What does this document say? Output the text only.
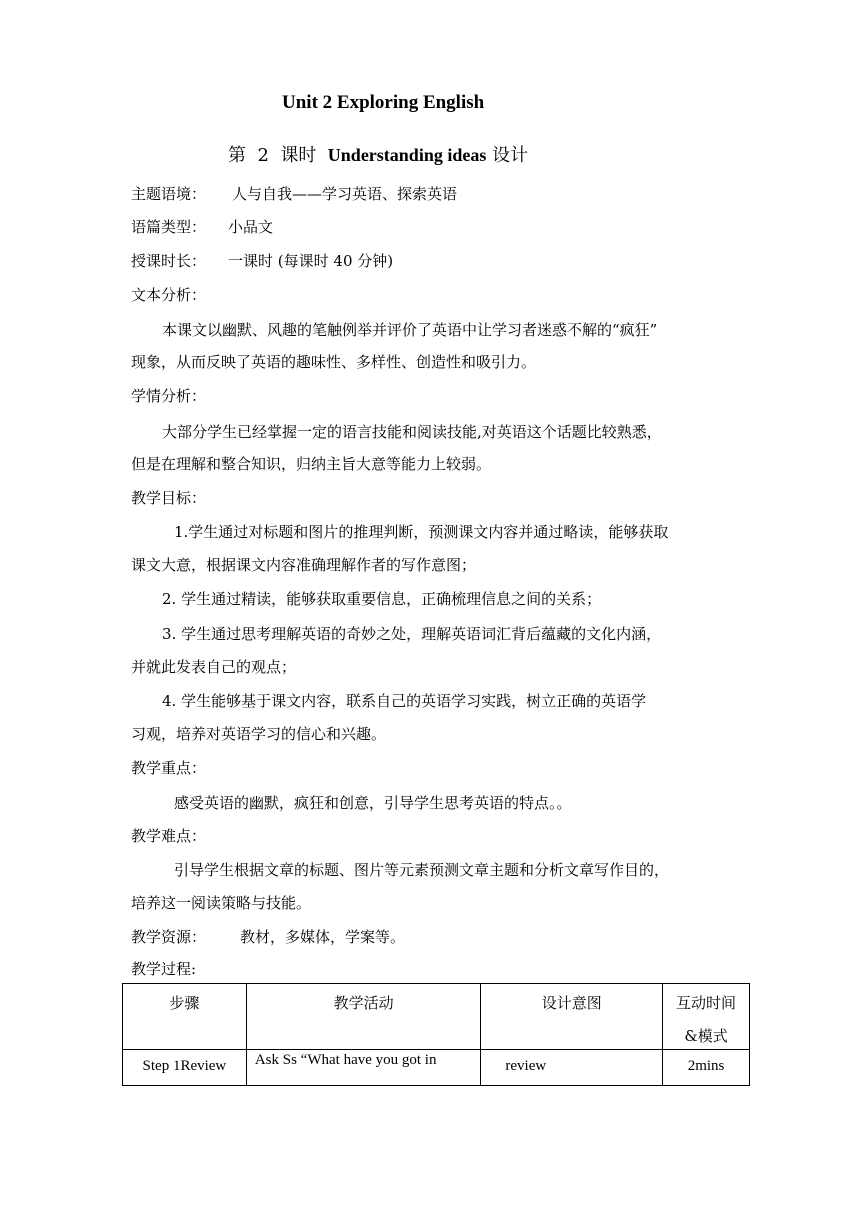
Unit 2 Exploring English
第  2  课时  Understanding ideas 设计
主题语境： 人与自我——学习英语、探索英语
语篇类型： 小品文
授课时长： 一课时 (每课时 40 分钟)
文本分析：
本课文以幽默、风趣的笔触例举并评价了英语中让学习者迷惑不解的“疯狂”
现象，从而反映了英语的趣味性、多样性、创造性和吸引力。
学情分析：
大部分学生已经掌握一定的语言技能和阅读技能,对英语这个话题比较熟悉，
但是在理解和整合知识，归纳主旨大意等能力上较弱。
教学目标：
1.学生通过对标题和图片的推理判断，预测课文内容并通过略读，能够获取
课文大意，根据课文内容准确理解作者的写作意图；
2. 学生通过精读，能够获取重要信息，正确梳理信息之间的关系；
3. 学生通过思考理解英语的奇妙之处，理解英语词汇背后蕴藏的文化内涵，
并就此发表自己的观点；
4. 学生能够基于课文内容，联系自己的英语学习实践，树立正确的英语学
习观，培养对英语学习的信心和兴趣。
教学重点：
感受英语的幽默，疯狂和创意，引导学生思考英语的特点。。
教学难点：
引导学生根据文章的标题、图片等元素预测文章主题和分析文章写作目的，
培养这一阅读策略与技能。
教学资源： 教材，多媒体，学案等。
教学过程:
步骤	教学活动	设计意图	互动时间
&模式

Step 1Review	Ask Ss “What have you got in	review	2mins
